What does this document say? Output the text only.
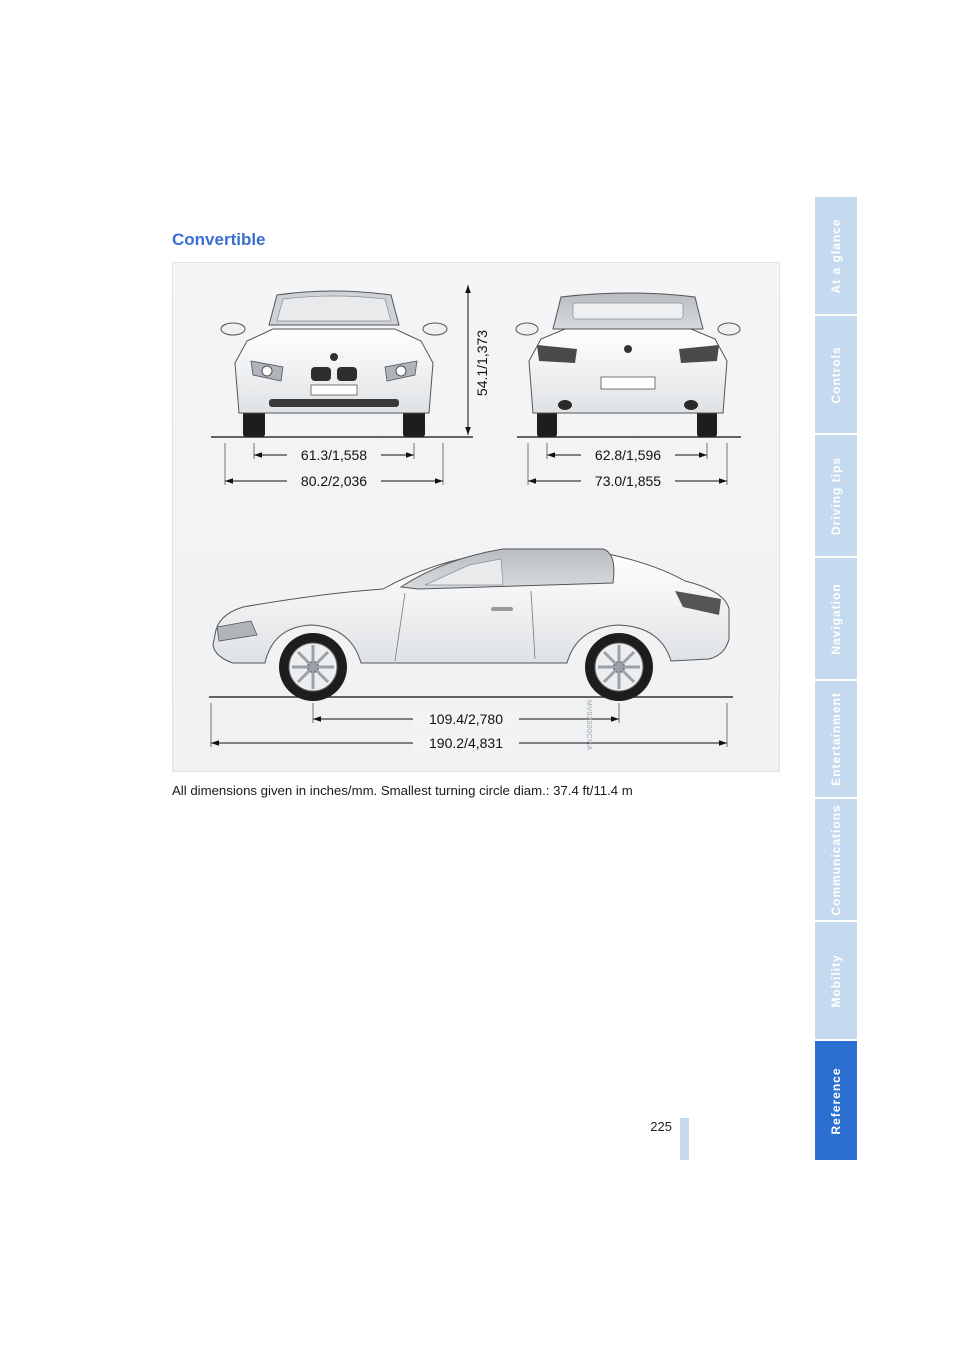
Convertible
54.1/1,373
61.3/1,558
80.2/2,036
62.8/1,596
73.0/1,855
109.4/2,780
190.2/4,831	MV02300CMA

All dimensions given in inches/mm. Smallest turning circle diam.: 37.4 ft/11.4 m

At a glance
Controls
Driving tips
Navigation
Entertainment
Communications
Mobility
Reference
225
